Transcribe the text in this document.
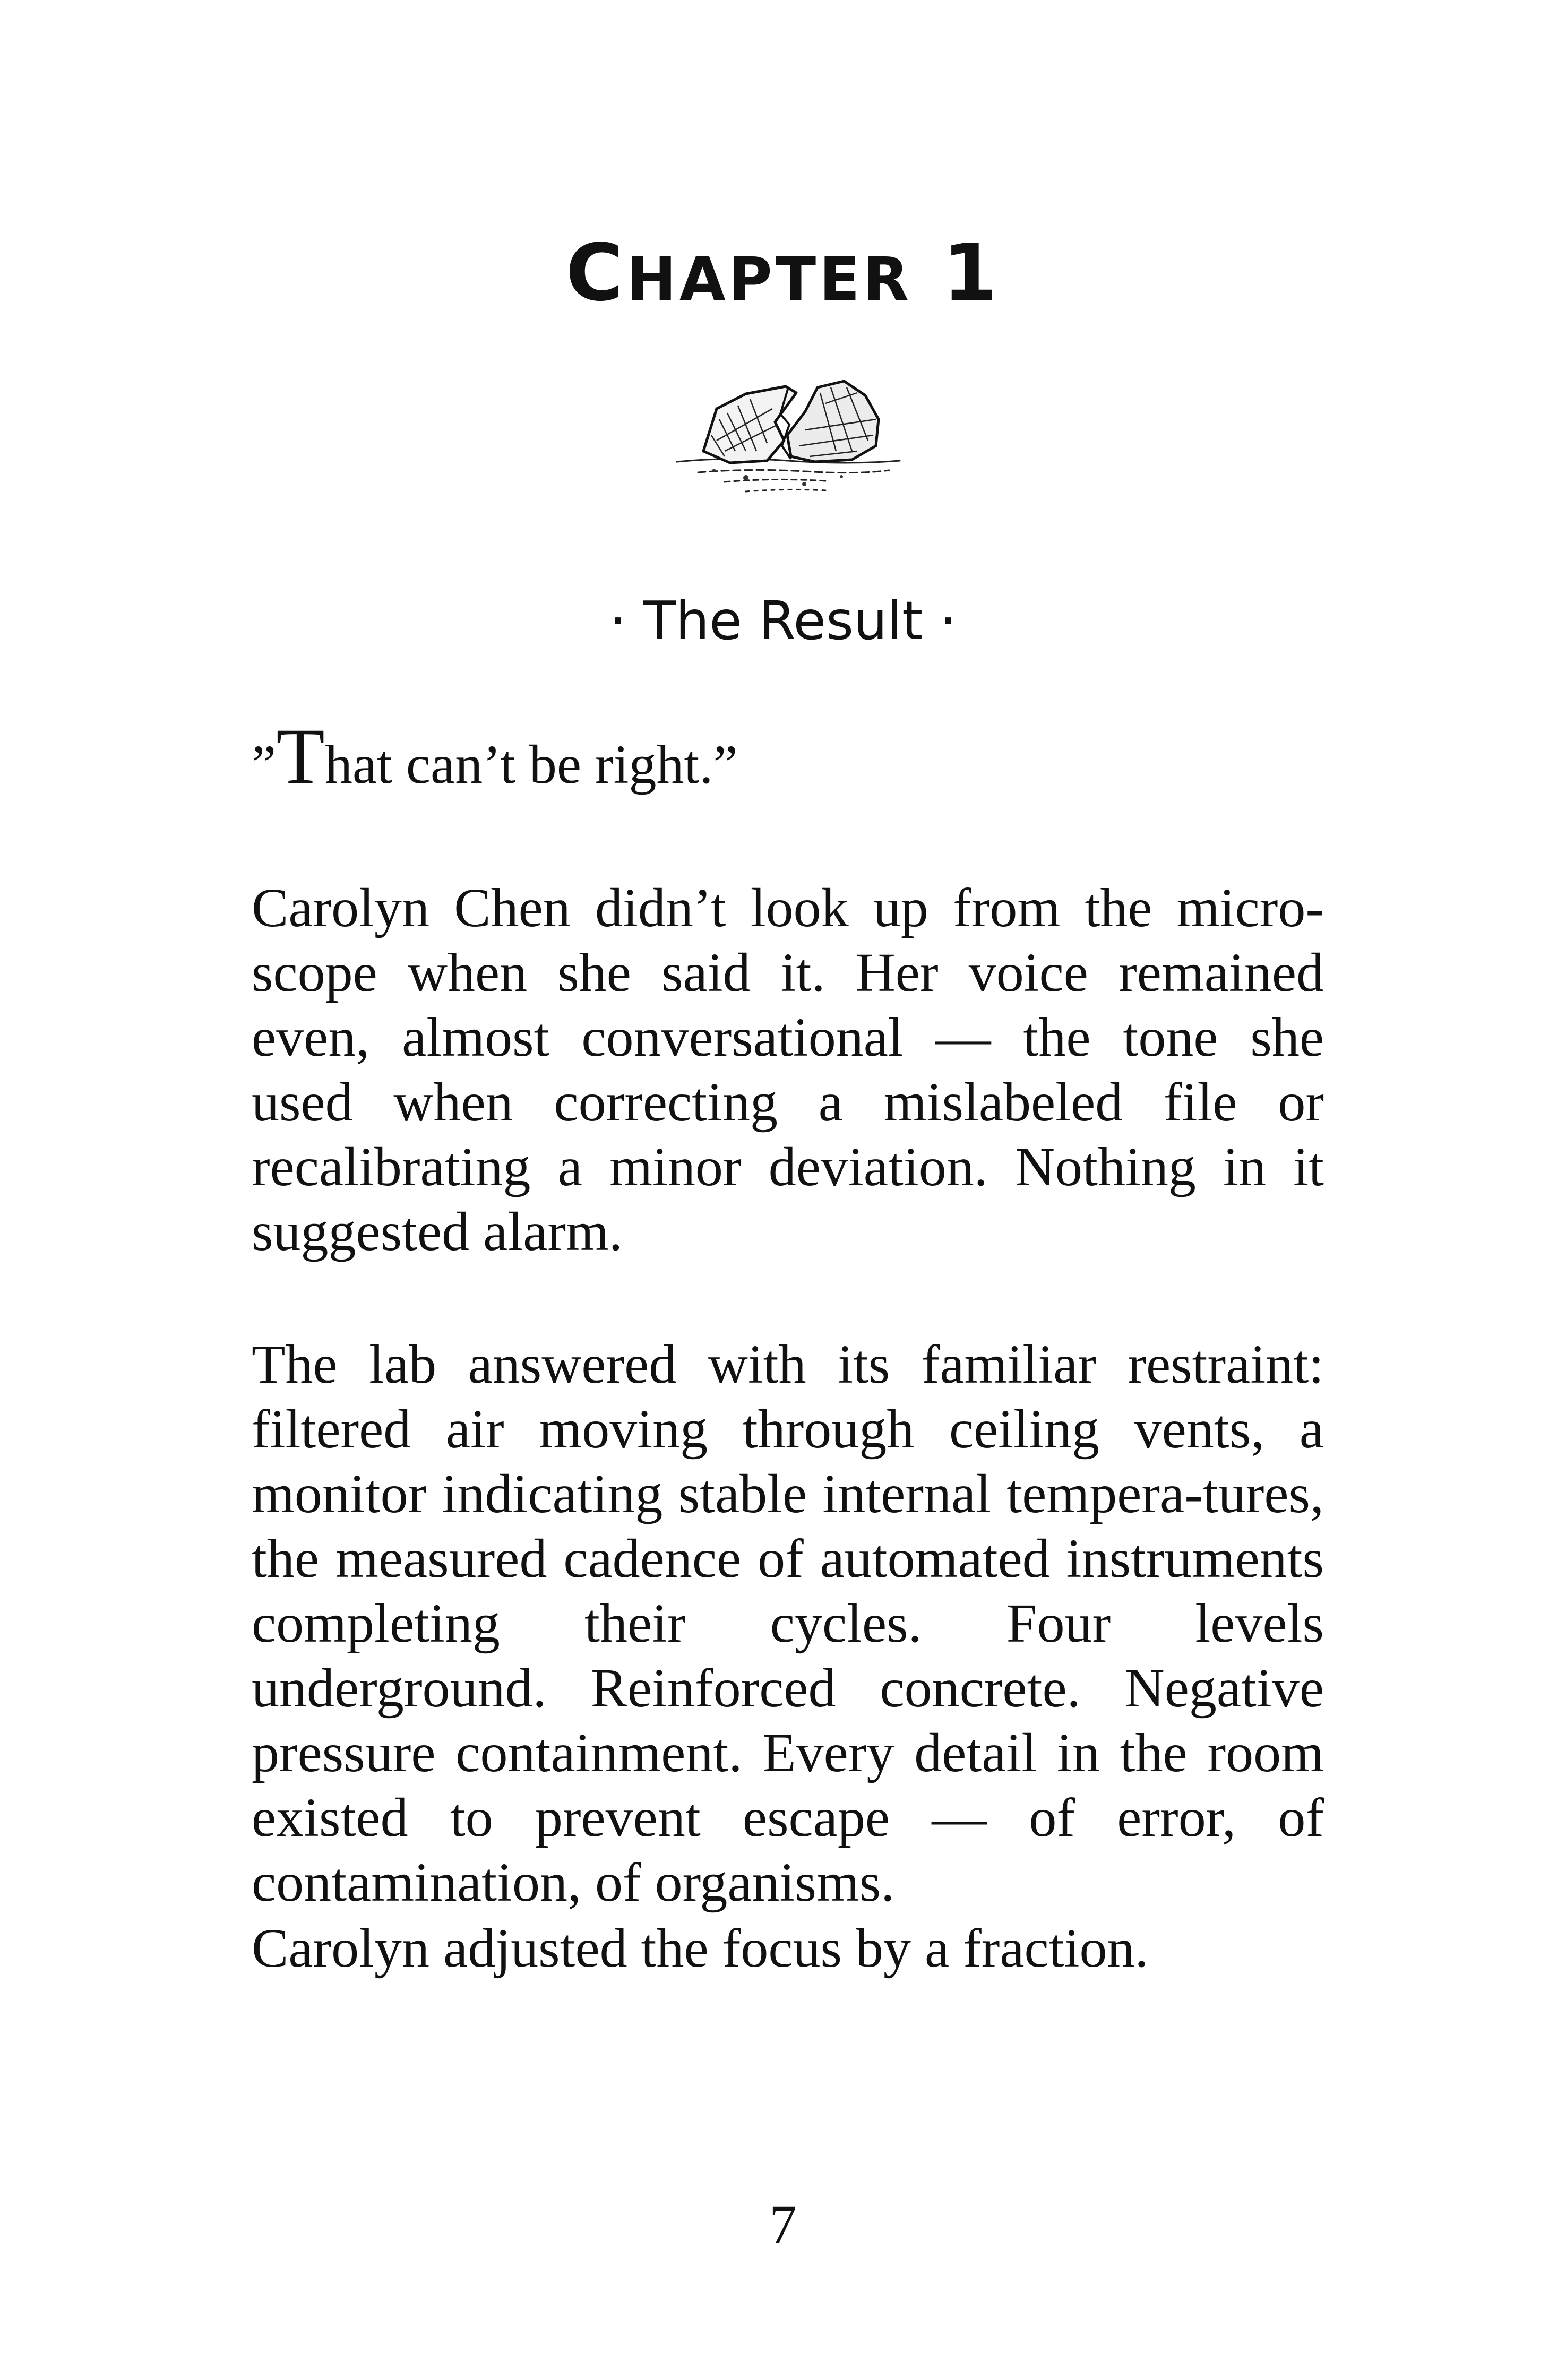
CHAPTER 1
· The Result ·

”That can’t be right.”

Carolyn Chen didn’t look up from the micro-scope when she said it. Her voice remained even, almost conversational — the tone she used when correcting a mislabeled file or recalibrating a minor deviation. Nothing in it suggested alarm.

The lab answered with its familiar restraint: filtered air moving through ceiling vents, a monitor indicating stable internal tempera-tures, the measured cadence of automated instruments completing their cycles. Four levels underground. Reinforced concrete. Negative pressure containment. Every detail in the room existed to prevent escape — of error, of contamination, of organisms.

Carolyn adjusted the focus by a fraction.

7
